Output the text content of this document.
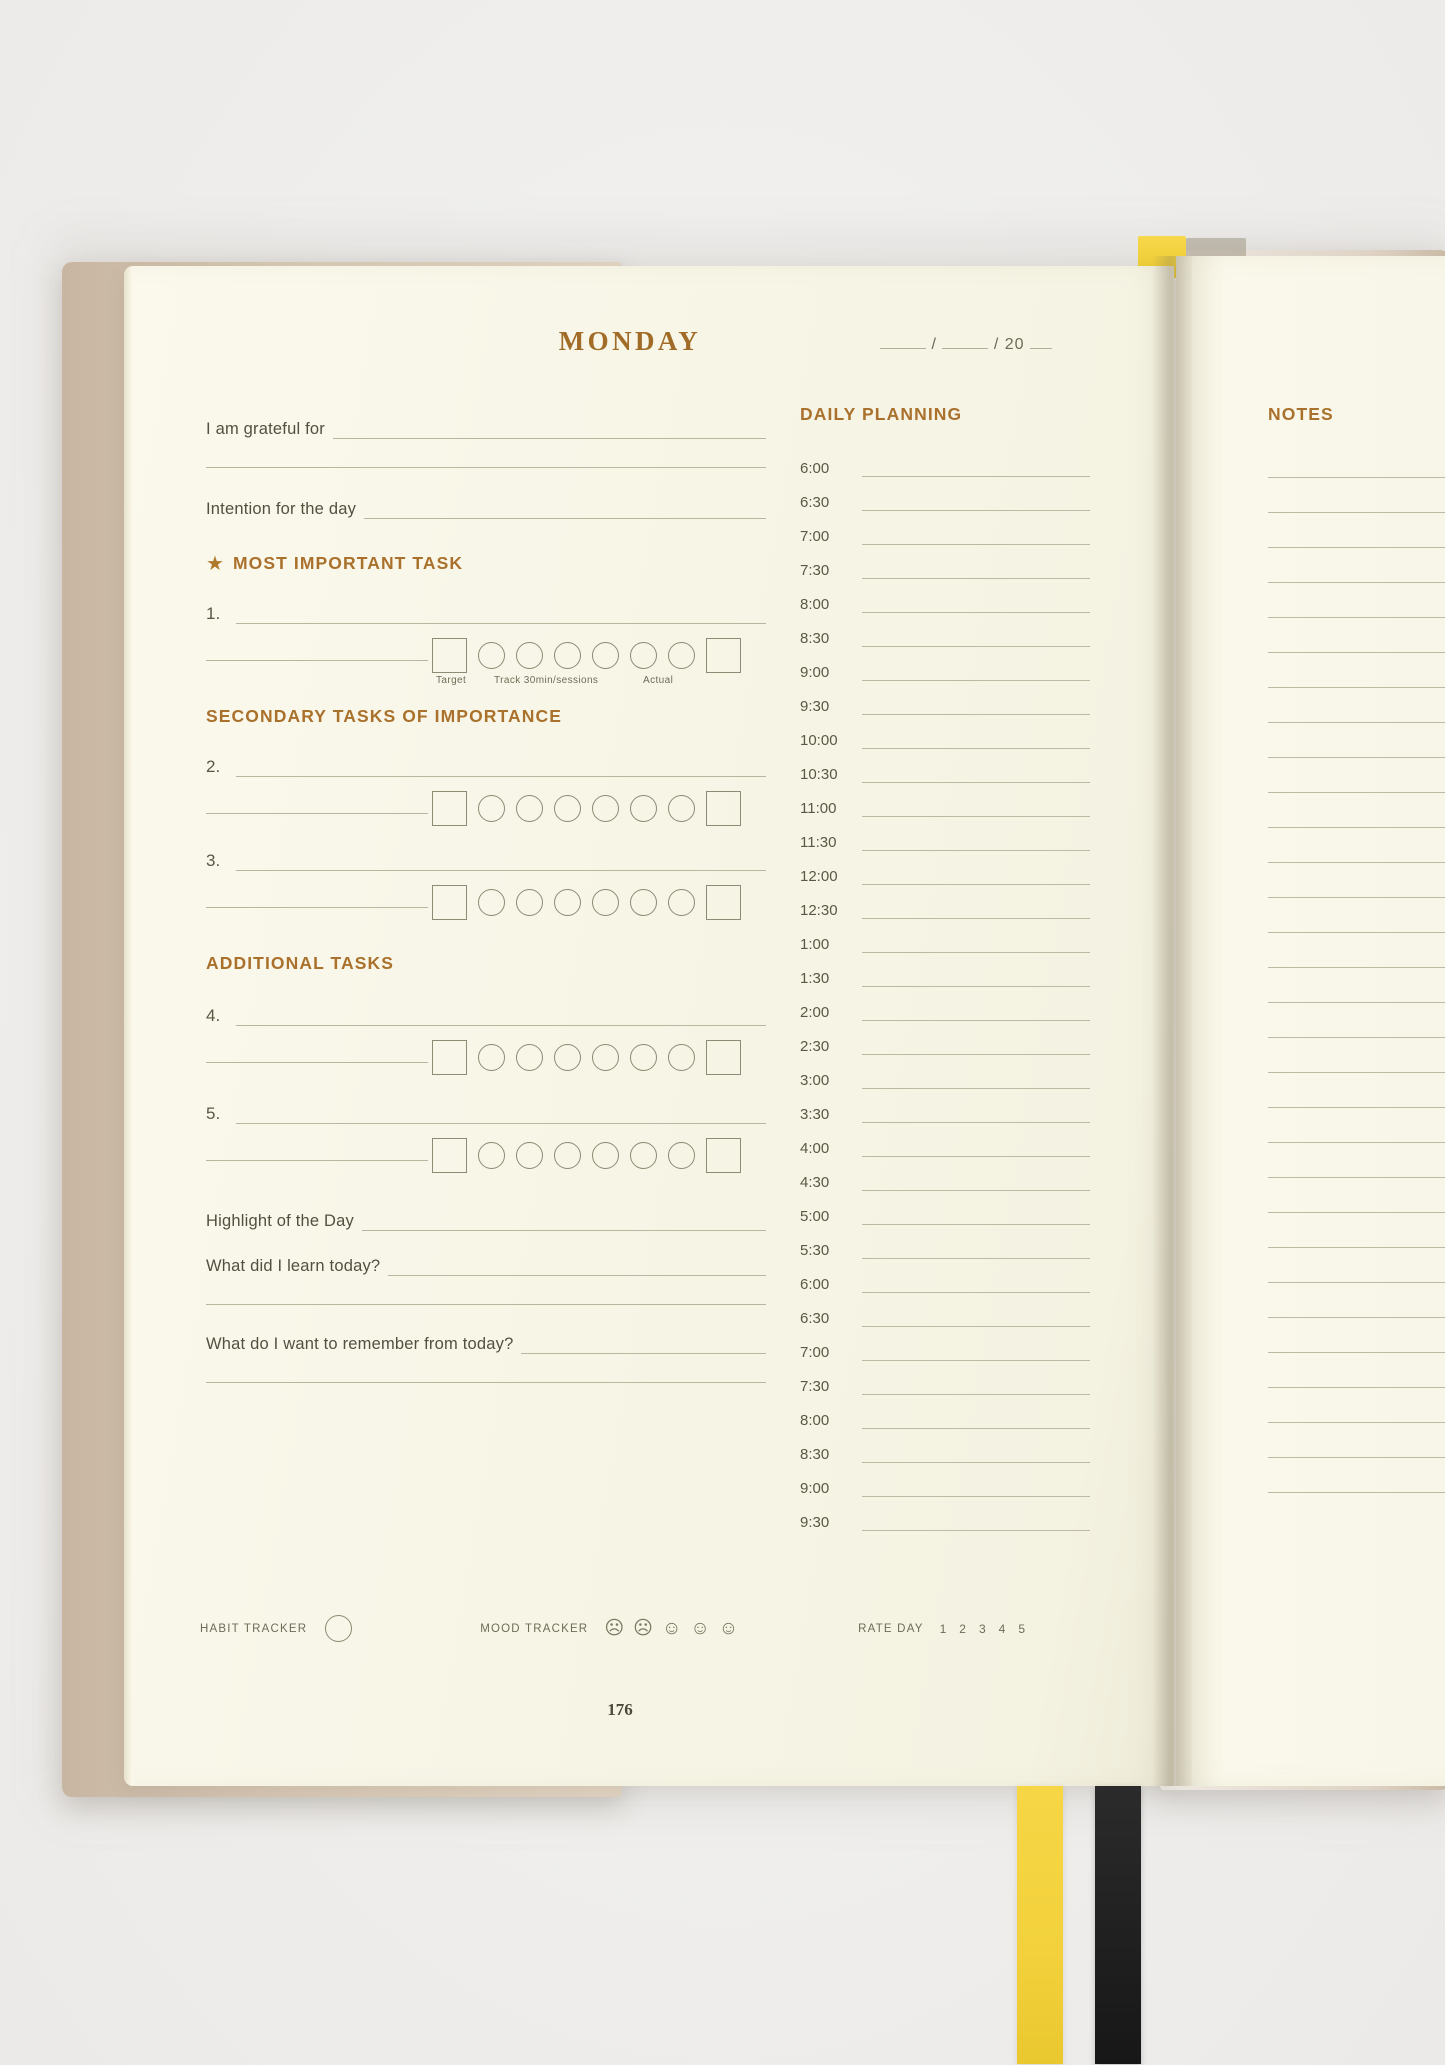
MONDAY	/	/ 20
I am grateful for
Intention for the day
★ MOST IMPORTANT TASK
1.
Target	Track 30min/sessions	Actual
SECONDARY TASKS OF IMPORTANCE
2.
3.
ADDITIONAL TASKS
4.
5.
Highlight of the Day
What did I learn today?
What do I want to remember from today?
DAILY PLANNING
6:00
6:30
7:00
7:30
8:00
8:30
9:00
9:30
10:00
10:30
11:00
11:30
12:00
12:30
1:00
1:30
2:00
2:30
3:00
3:30
4:00
4:30
5:00
5:30
6:00
6:30
7:00
7:30
8:00
8:30
9:00
9:30
NOTES
HABIT TRACKER	MOOD TRACKER ☹ ☹ ☺ ☺ ☺	RATE DAY 1 2 3 4 5
176
